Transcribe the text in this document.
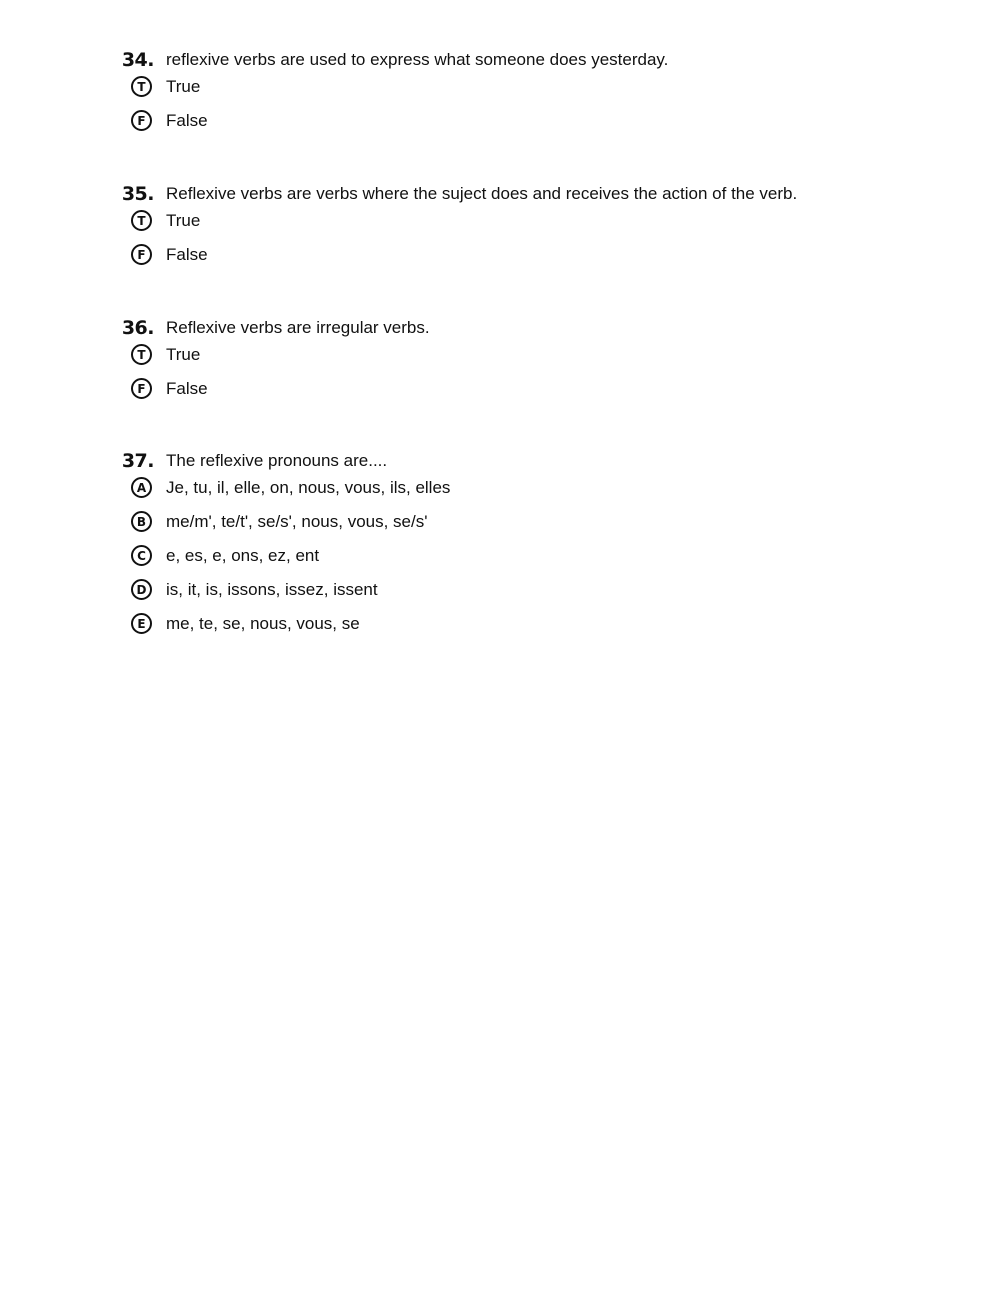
34. reflexive verbs are used to express what someone does yesterday.
T	True
F	False
35. Reflexive verbs are verbs where the suject does and receives the action of the verb.
T	True
F	False
36. Reflexive verbs are irregular verbs.
T	True
F	False
37. The reflexive pronouns are....
A	Je, tu, il, elle, on, nous, vous, ils, elles
B	me/m', te/t', se/s', nous, vous, se/s'
C	e, es, e, ons, ez, ent
D	is, it, is, issons, issez, issent
E	me, te, se, nous, vous, se
